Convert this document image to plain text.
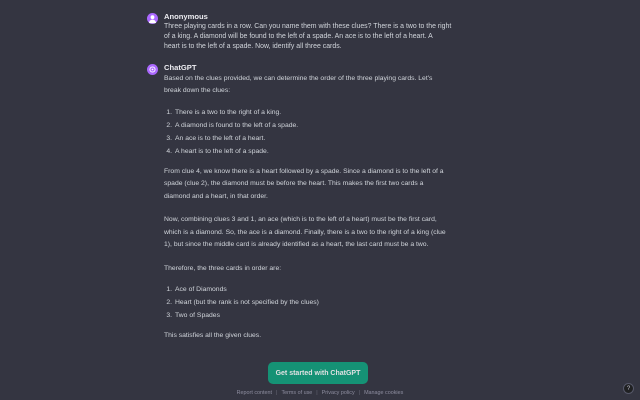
Anonymous
Three playing cards in a row. Can you name them with these clues? There is a two to the right
of a king. A diamond will be found to the left of a spade. An ace is to the left of a heart. A
heart is to the left of a spade. Now, identify all three cards.
ChatGPT

Based on the clues provided, we can determine the order of the three playing cards. Let's
break down the clues:

1. There is a two to the right of a king.
2. A diamond is found to the left of a spade.
3. An ace is to the left of a heart.
4. A heart is to the left of a spade.

From clue 4, we know there is a heart followed by a spade. Since a diamond is to the left of a
spade (clue 2), the diamond must be before the heart. This makes the first two cards a
diamond and a heart, in that order.

Now, combining clues 3 and 1, an ace (which is to the left of a heart) must be the first card,
which is a diamond. So, the ace is a diamond. Finally, there is a two to the right of a king (clue
1), but since the middle card is already identified as a heart, the last card must be a two.

Therefore, the three cards in order are:

1. Ace of Diamonds
2. Heart (but the rank is not specified by the clues)
3. Two of Spades

This satisfies all the given clues.

Get started with ChatGPT
Report content | Terms of use | Privacy policy | Manage cookies
?
